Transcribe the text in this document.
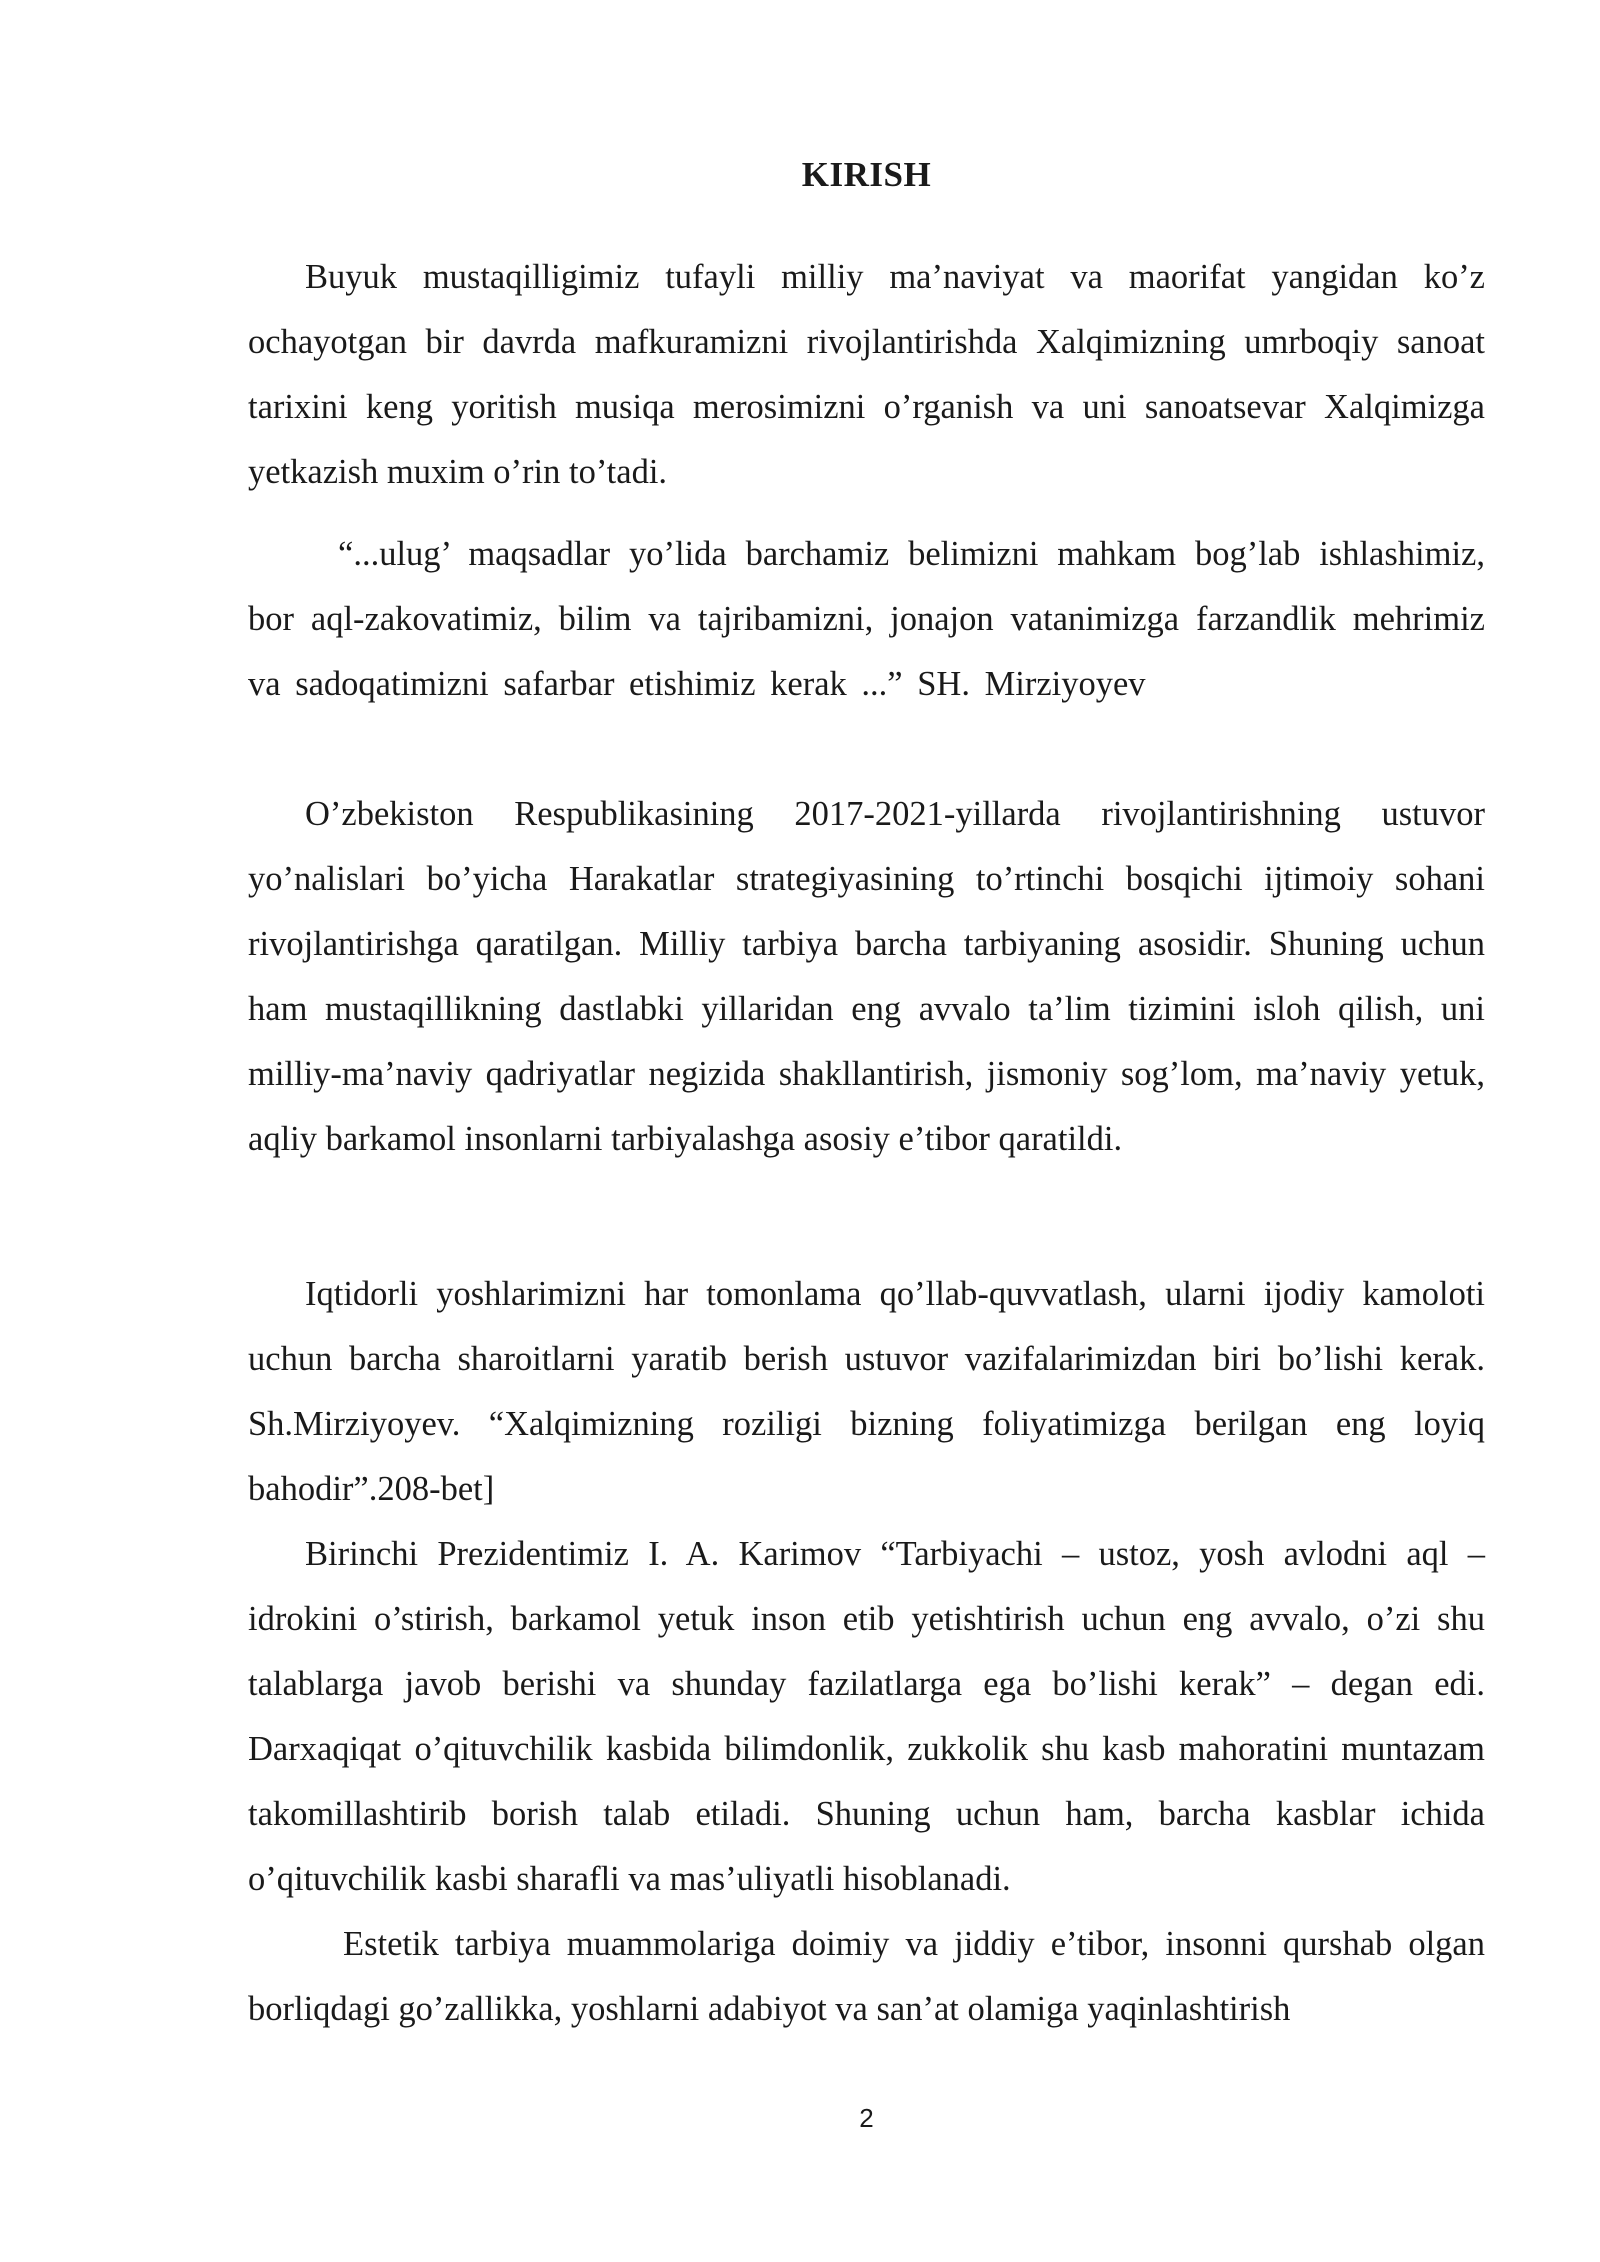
KIRISH

Buyuk mustaqilligimiz tufayli milliy ma’naviyat va maorifat yangidan ko’z ochayotgan bir davrda mafkuramizni rivojlantirishda Xalqimizning umrboqiy sanoat tarixini keng yoritish musiqa merosimizni o’rganish va uni sanoatsevar Xalqimizga yetkazish muxim o’rin to’tadi.

“...ulug’ maqsadlar yo’lida barchamiz belimizni mahkam bog’lab ishlashimiz, bor aql-zakovatimiz, bilim va tajribamizni, jonajon vatanimizga farzandlik mehrimiz va sadoqatimizni safarbar etishimiz kerak ...” SH. Mirziyoyev

O’zbekiston Respublikasining 2017-2021-yillarda rivojlantirishning ustuvor yo’nalislari bo’yicha Harakatlar strategiyasining to’rtinchi bosqichi ijtimoiy sohani rivojlantirishga qaratilgan. Milliy tarbiya barcha tarbiyaning asosidir. Shuning uchun ham mustaqillikning dastlabki yillaridan eng avvalo ta’lim tizimini isloh qilish, uni milliy-ma’naviy qadriyatlar negizida shakllantirish, jismoniy sog’lom, ma’naviy yetuk, aqliy barkamol insonlarni tarbiyalashga asosiy e’tibor qaratildi.

Iqtidorli yoshlarimizni har tomonlama qo’llab-quvvatlash, ularni ijodiy kamoloti uchun barcha sharoitlarni yaratib berish ustuvor vazifalarimizdan biri bo’lishi kerak. Sh.Mirziyoyev. “Xalqimizning roziligi bizning foliyatimizga berilgan eng loyiq bahodir”.208-bet]

Birinchi Prezidentimiz I. A. Karimov “Tarbiyachi – ustoz, yosh avlodni aql – idrokini o’stirish, barkamol yetuk inson etib yetishtirish uchun eng avvalo, o’zi shu talablarga javob berishi va shunday fazilatlarga ega bo’lishi kerak” – degan edi. Darxaqiqat o’qituvchilik kasbida bilimdonlik, zukkolik shu kasb mahoratini muntazam takomillashtirib borish talab etiladi. Shuning uchun ham, barcha kasblar ichida o’qituvchilik kasbi sharafli va mas’uliyatli hisoblanadi.

Estetik tarbiya muammolariga doimiy va jiddiy e’tibor, insonni qurshab olgan borliqdagi go’zallikka, yoshlarni adabiyot va san’at olamiga yaqinlashtirish

2
